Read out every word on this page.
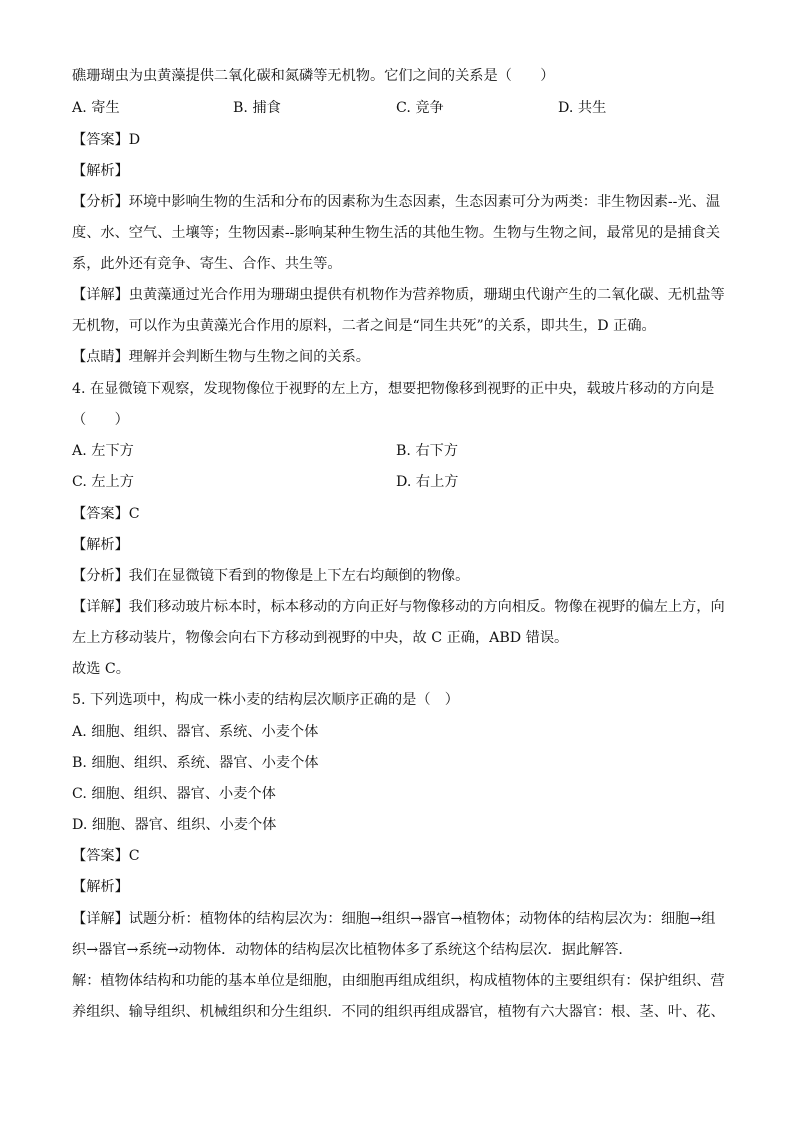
礁珊瑚虫为虫黄藻提供二氧化碳和氮磷等无机物。它们之间的关系是（　　）
A. 寄生	B. 捕食	C. 竞争	D. 共生
【答案】D
【解析】
【分析】环境中影响生物的生活和分布的因素称为生态因素，生态因素可分为两类：非生物因素--光、温
度、水、空气、土壤等；生物因素--影响某种生物生活的其他生物。生物与生物之间，最常见的是捕食关
系，此外还有竞争、寄生、合作、共生等。
【详解】虫黄藻通过光合作用为珊瑚虫提供有机物作为营养物质，珊瑚虫代谢产生的二氧化碳、无机盐等
无机物，可以作为虫黄藻光合作用的原料，二者之间是“同生共死”的关系，即共生，D 正确。
【点睛】理解并会判断生物与生物之间的关系。
4. 在显微镜下观察，发现物像位于视野的左上方，想要把物像移到视野的正中央，载玻片移动的方向是
（　　）
A. 左下方	B. 右下方
C. 左上方	D. 右上方
【答案】C
【解析】
【分析】我们在显微镜下看到的物像是上下左右均颠倒的物像。
【详解】我们移动玻片标本时，标本移动的方向正好与物像移动的方向相反。物像在视野的偏左上方，向
左上方移动装片，物像会向右下方移动到视野的中央，故 C 正确，ABD 错误。
故选 C。
5. 下列选项中，构成一株小麦的结构层次顺序正确的是（　）
A. 细胞、组织、器官、系统、小麦个体
B. 细胞、组织、系统、器官、小麦个体
C. 细胞、组织、器官、小麦个体
D. 细胞、器官、组织、小麦个体
【答案】C
【解析】
【详解】试题分析：植物体的结构层次为：细胞→组织→器官→植物体；动物体的结构层次为：细胞→组
织→器官→系统→动物体．动物体的结构层次比植物体多了系统这个结构层次．据此解答．
解：植物体结构和功能的基本单位是细胞，由细胞再组成组织，构成植物体的主要组织有：保护组织、营
养组织、输导组织、机械组织和分生组织．不同的组织再组成器官，植物有六大器官：根、茎、叶、花、
